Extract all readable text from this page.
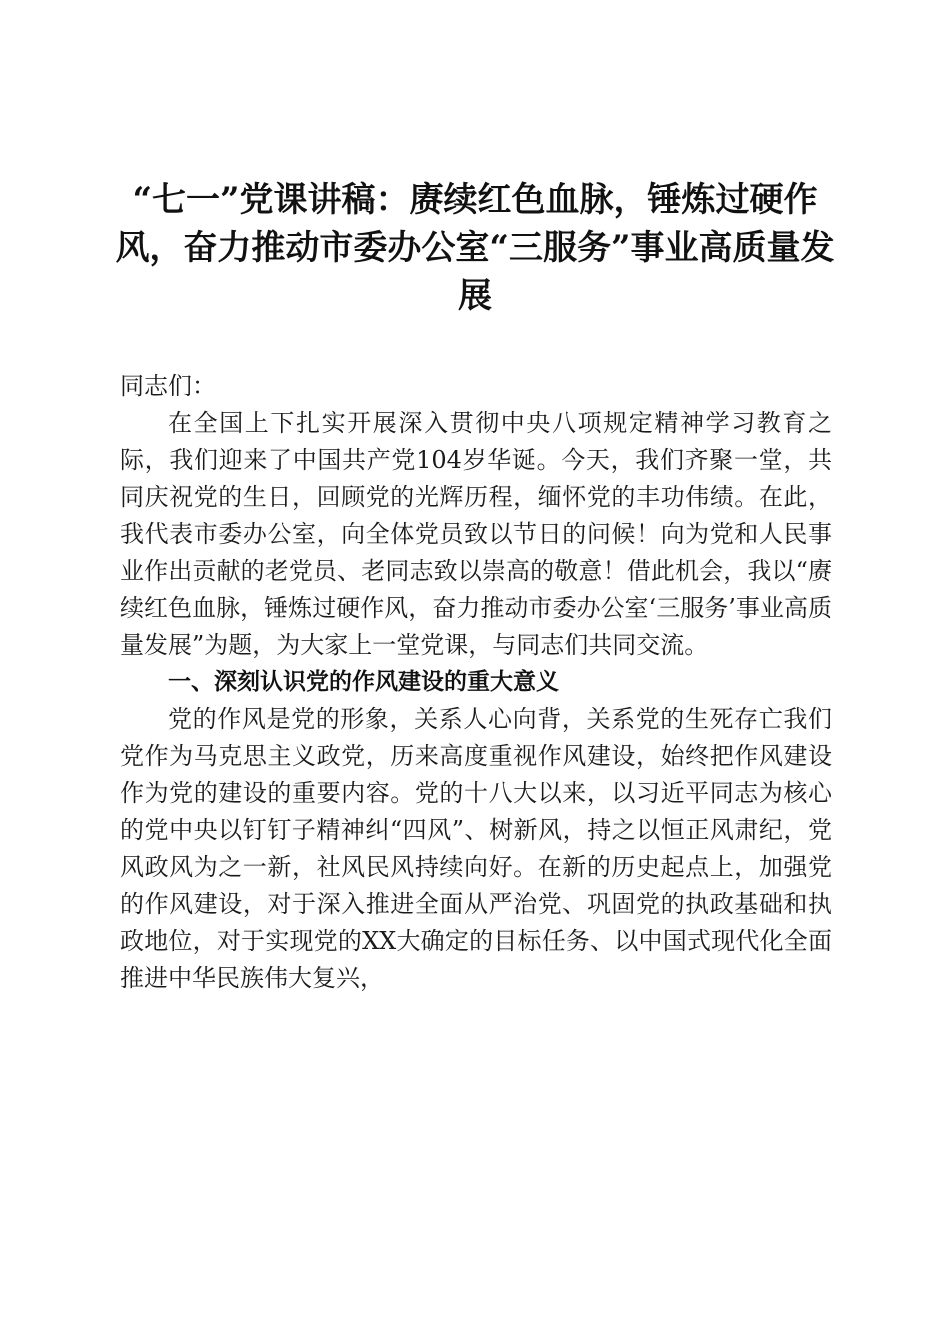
“七一”党课讲稿：赓续红色血脉，锤炼过硬作风，奋力推动市委办公室“三服务”事业高质量发展

同志们：

在全国上下扎实开展深入贯彻中央八项规定精神学习教育之际，我们迎来了中国共产党104岁华诞。今天，我们齐聚一堂，共同庆祝党的生日，回顾党的光辉历程，缅怀党的丰功伟绩。在此，我代表市委办公室，向全体党员致以节日的问候！向为党和人民事业作出贡献的老党员、老同志致以崇高的敬意！借此机会，我以“赓续红色血脉，锤炼过硬作风，奋力推动市委办公室‘三服务’事业高质量发展”为题，为大家上一堂党课，与同志们共同交流。

一、深刻认识党的作风建设的重大意义

党的作风是党的形象，关系人心向背，关系党的生死存亡我们党作为马克思主义政党，历来高度重视作风建设，始终把作风建设作为党的建设的重要内容。党的十八大以来，以习近平同志为核心的党中央以钉钉子精神纠“四风”、树新风，持之以恒正风肃纪，党风政风为之一新，社风民风持续向好。在新的历史起点上，加强党的作风建设，对于深入推进全面从严治党、巩固党的执政基础和执政地位，对于实现党的XX大确定的目标任务、以中国式现代化全面推进中华民族伟大复兴，
